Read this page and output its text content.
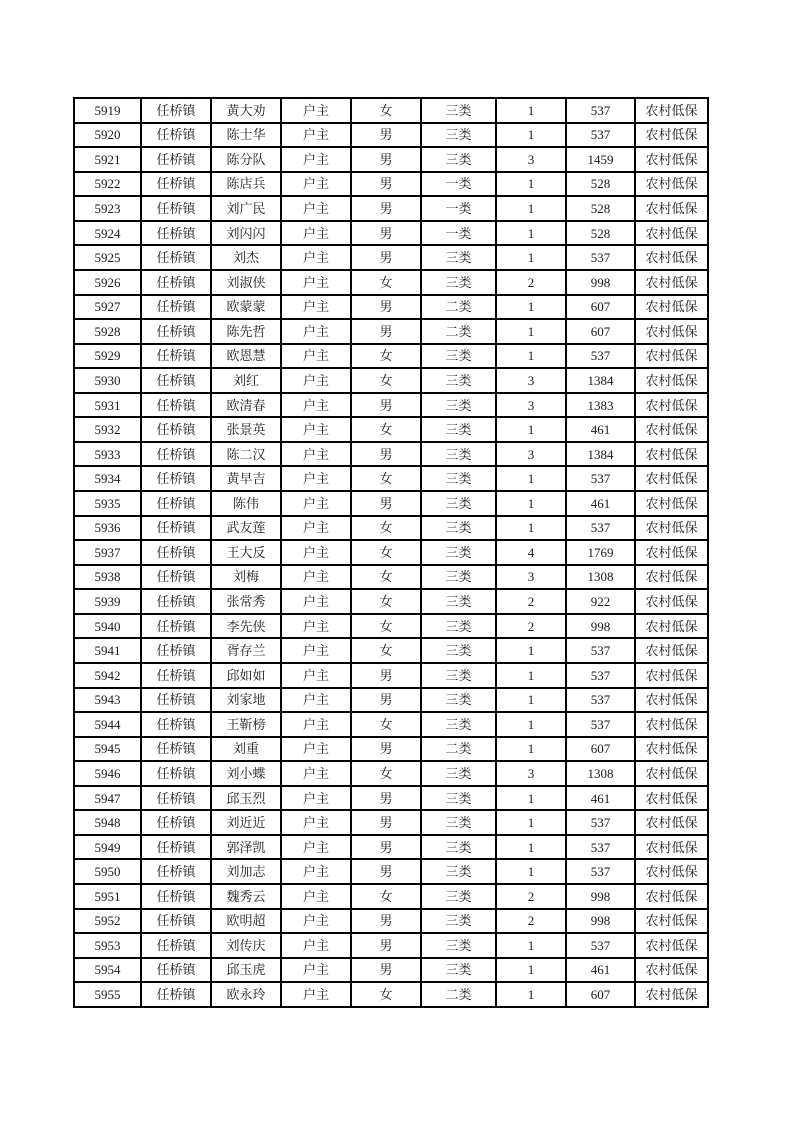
5919	任桥镇	黄大劝	户主	女	三类	1	537	农村低保
5920	任桥镇	陈士华	户主	男	三类	1	537	农村低保
5921	任桥镇	陈分队	户主	男	三类	3	1459	农村低保
5922	任桥镇	陈店兵	户主	男	一类	1	528	农村低保
5923	任桥镇	刘广民	户主	男	一类	1	528	农村低保
5924	任桥镇	刘闪闪	户主	男	一类	1	528	农村低保
5925	任桥镇	刘杰	户主	男	三类	1	537	农村低保
5926	任桥镇	刘淑侠	户主	女	三类	2	998	农村低保
5927	任桥镇	欧蒙蒙	户主	男	二类	1	607	农村低保
5928	任桥镇	陈先哲	户主	男	二类	1	607	农村低保
5929	任桥镇	欧恩慧	户主	女	三类	1	537	农村低保
5930	任桥镇	刘红	户主	女	三类	3	1384	农村低保
5931	任桥镇	欧清春	户主	男	三类	3	1383	农村低保
5932	任桥镇	张景英	户主	女	三类	1	461	农村低保
5933	任桥镇	陈二汉	户主	男	三类	3	1384	农村低保
5934	任桥镇	黄早吉	户主	女	三类	1	537	农村低保
5935	任桥镇	陈伟	户主	男	三类	1	461	农村低保
5936	任桥镇	武友莲	户主	女	三类	1	537	农村低保
5937	任桥镇	王大反	户主	女	三类	4	1769	农村低保
5938	任桥镇	刘梅	户主	女	三类	3	1308	农村低保
5939	任桥镇	张常秀	户主	女	三类	2	922	农村低保
5940	任桥镇	李先侠	户主	女	三类	2	998	农村低保
5941	任桥镇	胥存兰	户主	女	三类	1	537	农村低保
5942	任桥镇	邱如如	户主	男	三类	1	537	农村低保
5943	任桥镇	刘家地	户主	男	三类	1	537	农村低保
5944	任桥镇	王靳榜	户主	女	三类	1	537	农村低保
5945	任桥镇	刘重	户主	男	二类	1	607	农村低保
5946	任桥镇	刘小蝶	户主	女	三类	3	1308	农村低保
5947	任桥镇	邱玉烈	户主	男	三类	1	461	农村低保
5948	任桥镇	刘近近	户主	男	三类	1	537	农村低保
5949	任桥镇	郭泽凯	户主	男	三类	1	537	农村低保
5950	任桥镇	刘加志	户主	男	三类	1	537	农村低保
5951	任桥镇	魏秀云	户主	女	三类	2	998	农村低保
5952	任桥镇	欧明超	户主	男	三类	2	998	农村低保
5953	任桥镇	刘传庆	户主	男	三类	1	537	农村低保
5954	任桥镇	邱玉虎	户主	男	三类	1	461	农村低保
5955	任桥镇	欧永玲	户主	女	二类	1	607	农村低保
